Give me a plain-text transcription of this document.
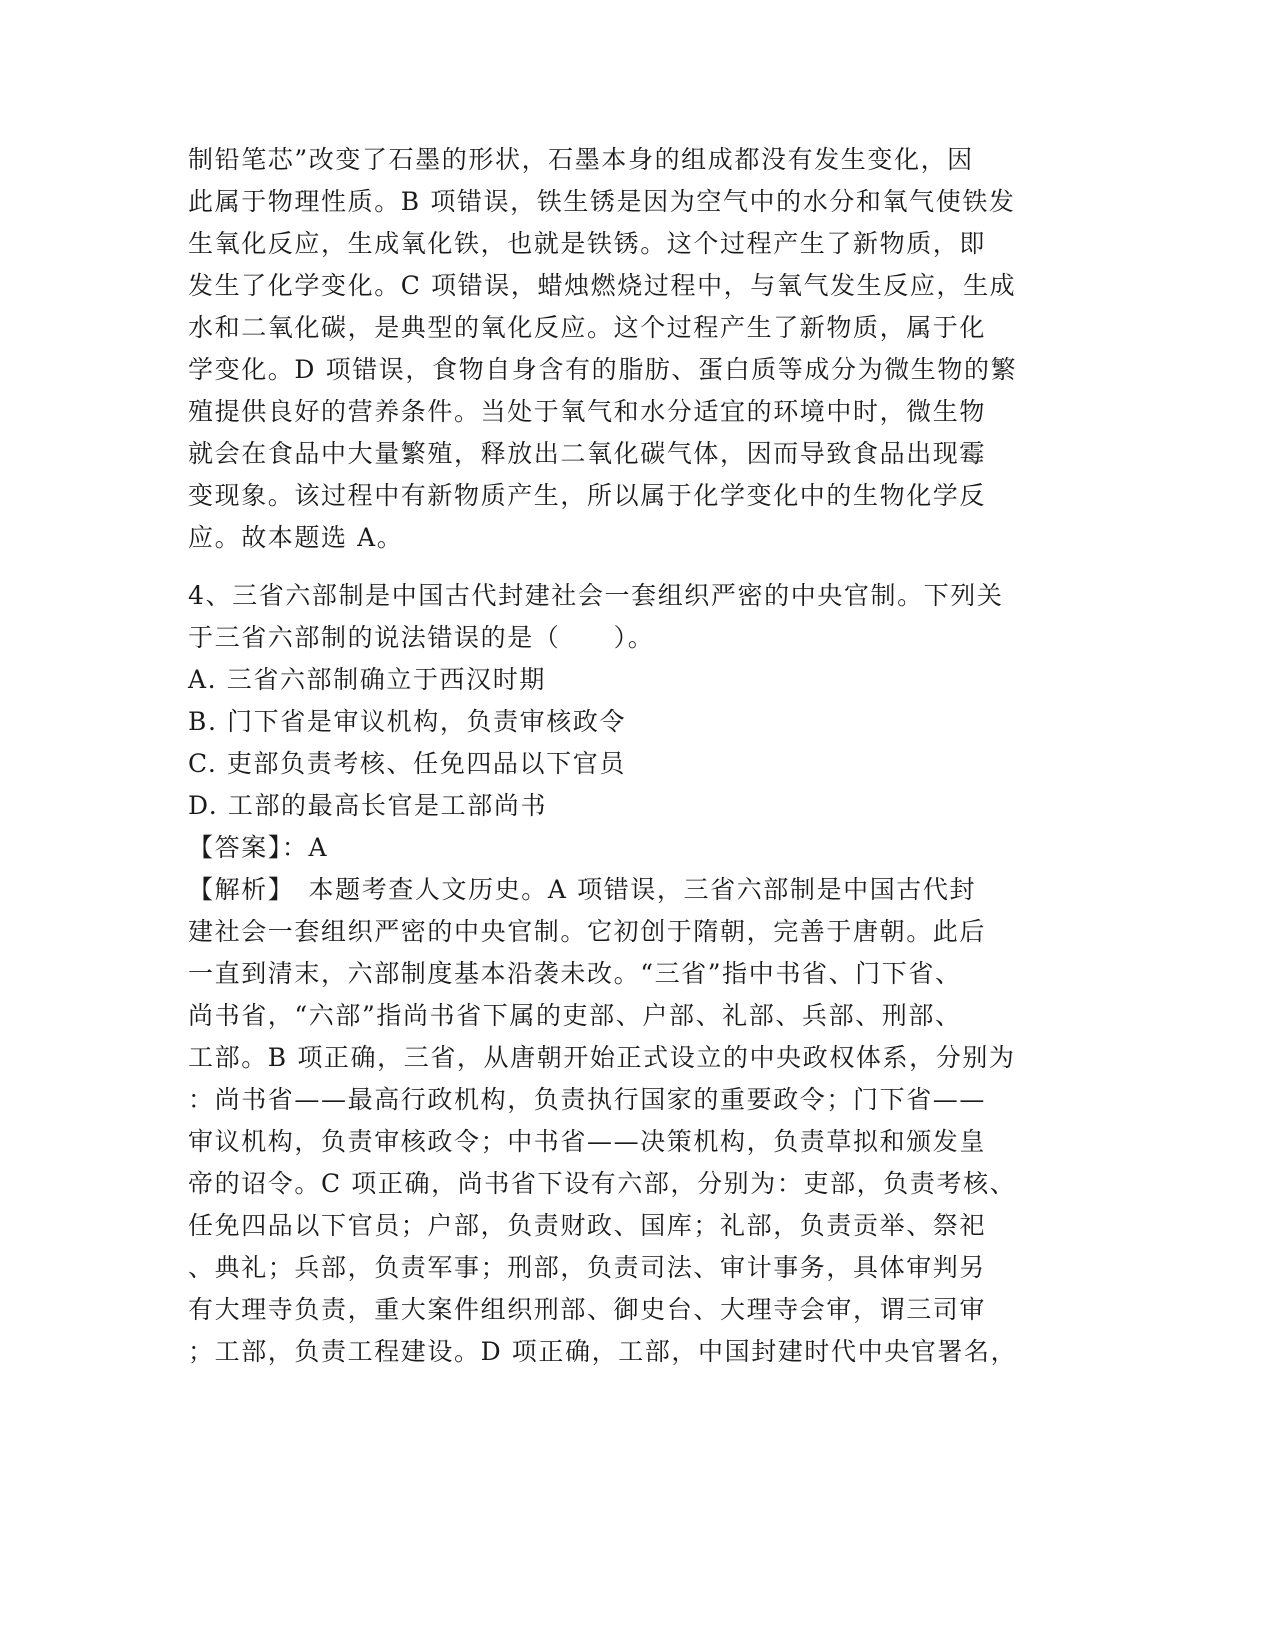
制铅笔芯”改变了石墨的形状，石墨本身的组成都没有发生变化，因
此属于物理性质。B 项错误，铁生锈是因为空气中的水分和氧气使铁发
生氧化反应，生成氧化铁，也就是铁锈。这个过程产生了新物质，即
发生了化学变化。C 项错误，蜡烛燃烧过程中，与氧气发生反应，生成
水和二氧化碳，是典型的氧化反应。这个过程产生了新物质，属于化
学变化。D 项错误，食物自身含有的脂肪、蛋白质等成分为微生物的繁
殖提供良好的营养条件。当处于氧气和水分适宜的环境中时，微生物
就会在食品中大量繁殖，释放出二氧化碳气体，因而导致食品出现霉
变现象。该过程中有新物质产生，所以属于化学变化中的生物化学反
应。故本题选 A。
4、三省六部制是中国古代封建社会一套组织严密的中央官制。下列关
于三省六部制的说法错误的是（　　）。
A. 三省六部制确立于西汉时期
B. 门下省是审议机构，负责审核政令
C. 吏部负责考核、任免四品以下官员
D. 工部的最高长官是工部尚书
【答案】：A
【解析】　本题考查人文历史。A 项错误，三省六部制是中国古代封
建社会一套组织严密的中央官制。它初创于隋朝，完善于唐朝。此后
一直到清末，六部制度基本沿袭未改。“三省”指中书省、门下省、
尚书省，“六部”指尚书省下属的吏部、户部、礼部、兵部、刑部、
工部。B 项正确，三省，从唐朝开始正式设立的中央政权体系，分别为
：尚书省——最高行政机构，负责执行国家的重要政令；门下省——
审议机构，负责审核政令；中书省——决策机构，负责草拟和颁发皇
帝的诏令。C 项正确，尚书省下设有六部，分别为：吏部，负责考核、
任免四品以下官员；户部，负责财政、国库；礼部，负责贡举、祭祀
、典礼；兵部，负责军事；刑部，负责司法、审计事务，具体审判另
有大理寺负责，重大案件组织刑部、御史台、大理寺会审，谓三司审
；工部，负责工程建设。D 项正确，工部，中国封建时代中央官署名，
